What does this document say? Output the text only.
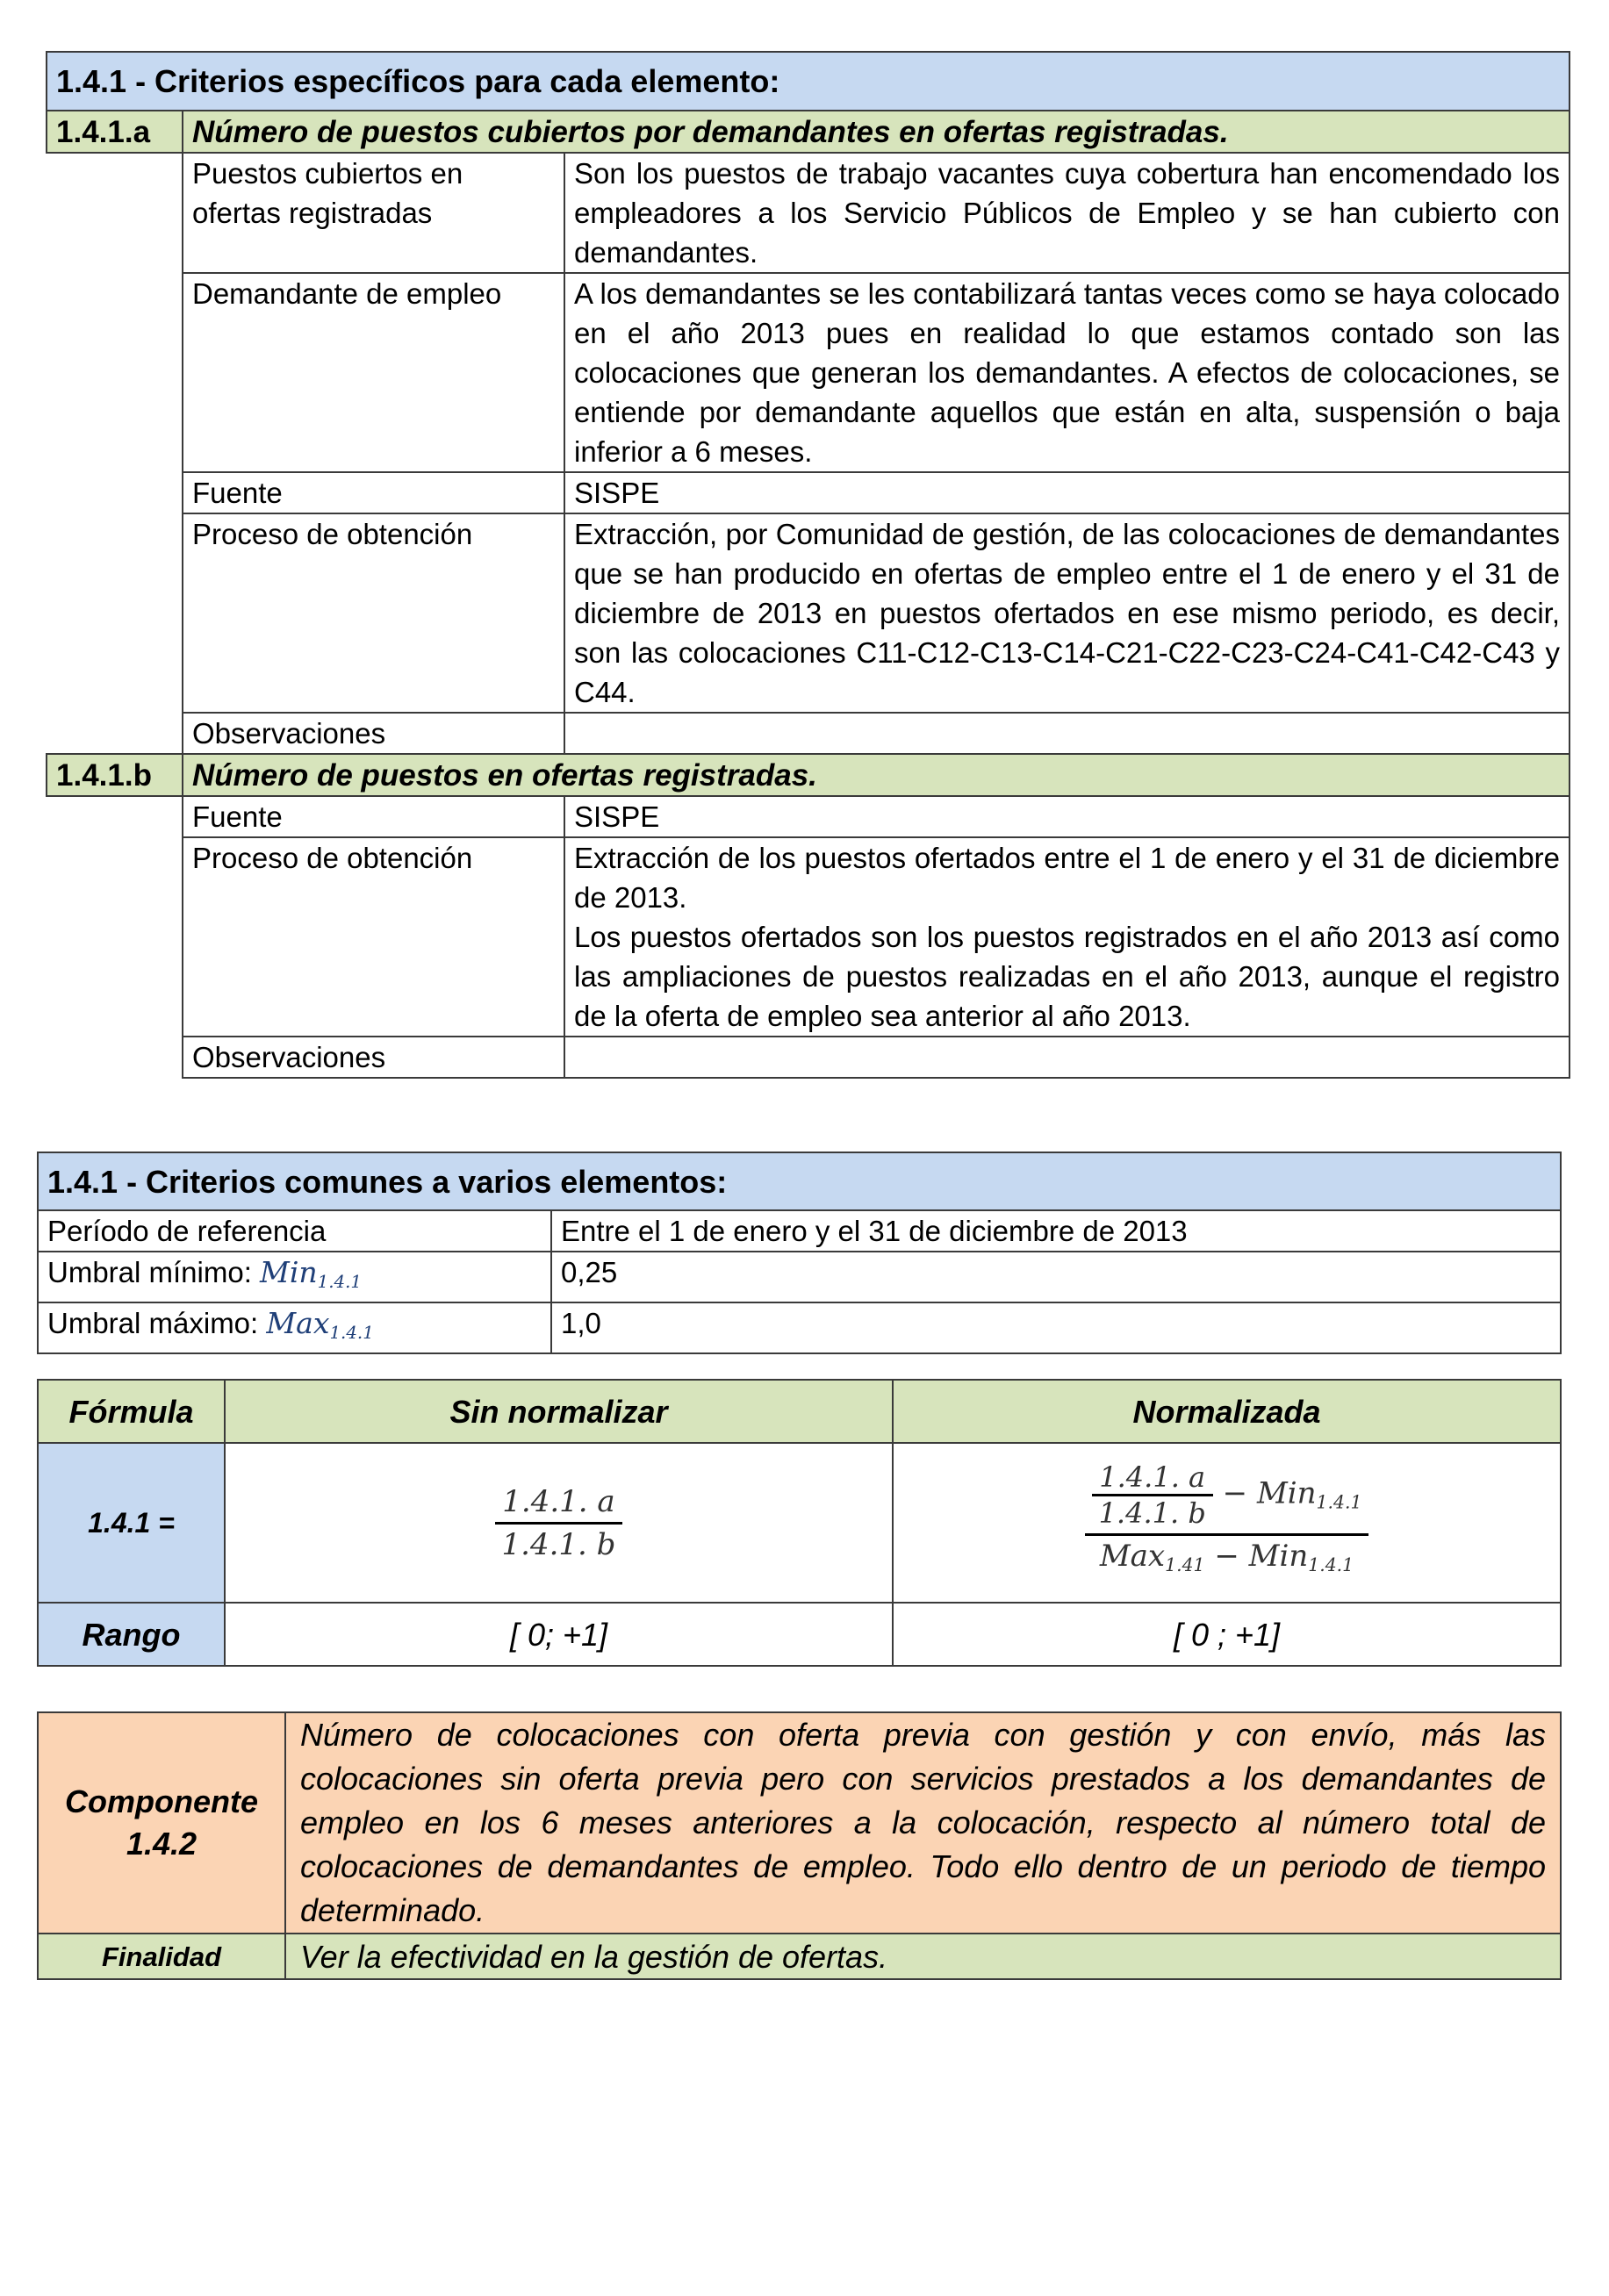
1.4.1 - Criterios específicos para cada elemento:		
1.4.1.a	Número de puestos cubiertos por demandantes en ofertas registradas.	
	Puestos cubiertos en ofertas registradas	Son los puestos de trabajo vacantes cuya cobertura han encomendado los empleadores a los Servicio Públicos de Empleo y se han cubierto con demandantes.
	Demandante de empleo	A los demandantes se les contabilizará tantas veces como se haya colocado en el año 2013 pues en realidad lo que estamos contado son las colocaciones que generan los demandantes. A efectos de colocaciones, se entiende por demandante aquellos que están en alta, suspensión o baja inferior a 6 meses.
	Fuente	SISPE
	Proceso de obtención	Extracción, por Comunidad de gestión, de las colocaciones de demandantes que se han producido en ofertas de empleo entre el 1 de enero y el 31 de diciembre de 2013 en puestos ofertados en ese mismo periodo, es decir, son las colocaciones C11-C12-C13-C14-C21-C22-C23-C24-C41-C42-C43 y C44.
	Observaciones	
1.4.1.b	Número de puestos en ofertas registradas.	
	Fuente	SISPE
	Proceso de obtención	Extracción de los puestos ofertados entre el 1 de enero y el 31 de diciembre de 2013.
Los puestos ofertados son los puestos registrados en el año 2013 así como las ampliaciones de puestos realizadas en el año 2013, aunque el registro de la oferta de empleo sea anterior al año 2013.

	Observaciones	
1.4.1 - Criterios comunes a varios elementos:	
Período de referencia	Entre el 1 de enero y el 31 de diciembre de 2013
Umbral mínimo: Min$_{1.4.1}$	0,25
Umbral máximo: Max$_{1.4.1}$	1,0
Fórmula	Sin normalizar	Normalizada
1.4.1 =	$\frac{1.4.1. a}{1.4.1. b}$	$\frac{1.4.1. a}{1.4.1. b} - Min_{1.4.1}$
Max$_{1.41}$ − Min$_{1.4.1}$

Rango	[ 0; +1]	[ 0 ; +1]
Componente
1.4.2	Número de colocaciones con oferta previa con gestión y con envío, más las colocaciones sin oferta previa pero con servicios prestados a los demandantes de empleo en los 6 meses anteriores a la colocación, respecto al número total de colocaciones de demandantes de empleo. Todo ello dentro de un periodo de tiempo determinado.
Finalidad	Ver la efectividad en la gestión de ofertas.
